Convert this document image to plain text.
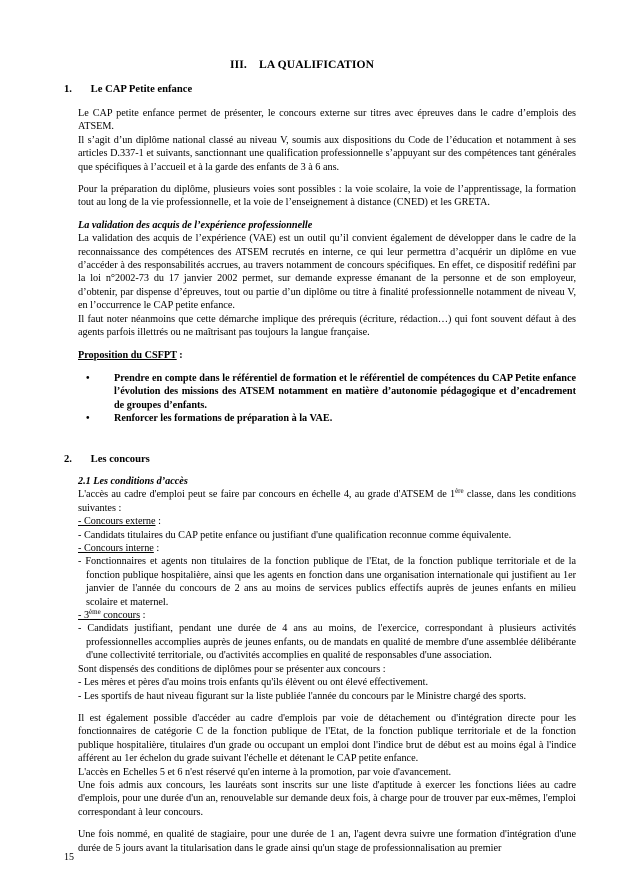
III. LA QUALIFICATION
1. Le CAP Petite enfance

Le CAP petite enfance permet de présenter, le concours externe sur titres avec épreuves dans le cadre d’emplois des ATSEM.

Il s’agit d’un diplôme national classé au niveau V, soumis aux dispositions du Code de l’éducation et notamment à ses articles D.337-1 et suivants, sanctionnant une qualification professionnelle s’appuyant sur des compétences tant générales que spécifiques à l’accueil et à la garde des enfants de 3 à 6 ans.

Pour la préparation du diplôme, plusieurs voies sont possibles : la voie scolaire, la voie de l’apprentissage, la formation tout au long de la vie professionnelle, et la voie de l’enseignement à distance (CNED) et les GRETA.

La validation des acquis de l’expérience professionnelle

La validation des acquis de l’expérience (VAE) est un outil qu’il convient également de développer dans le cadre de la reconnaissance des compétences des ATSEM recrutés en interne, ce qui leur permettra d’acquérir un diplôme en vue d’accéder à des responsabilités accrues, au travers notamment de concours spécifiques. En effet, ce dispositif redéfini par la loi n°2002-73 du 17 janvier 2002 permet, sur demande expresse émanant de la personne et de son employeur, d’obtenir, par dispense d’épreuves, tout ou partie d’un diplôme ou titre à finalité professionnelle notamment de niveau V, en l’occurrence le CAP petite enfance.

Il faut noter néanmoins que cette démarche implique des prérequis (écriture, rédaction…) qui font souvent défaut à des agents parfois illettrés ou ne maîtrisant pas toujours la langue française.

Proposition du CSFPT :

• Prendre en compte dans le référentiel de formation et le référentiel de compétences du CAP Petite enfance l’évolution des missions des ATSEM notamment en matière d’autonomie pédagogique et d’encadrement de groupes d’enfants.
• Renforcer les formations de préparation à la VAE.
2. Les concours

2.1 Les conditions d’accès

L'accès au cadre d'emploi peut se faire par concours en échelle 4, au grade d'ATSEM de 1ère classe, dans les conditions suivantes :

- Concours externe :

- Candidats titulaires du CAP petite enfance ou justifiant d'une qualification reconnue comme équivalente.

- Concours interne :

- Fonctionnaires et agents non titulaires de la fonction publique de l'Etat, de la fonction publique territoriale et de la fonction publique hospitalière, ainsi que les agents en fonction dans une organisation internationale qui justifient au 1er janvier de l'année du concours de 2 ans au moins de services publics effectifs auprès de jeunes enfants en milieu scolaire et maternel.

- 3ème concours :

- Candidats justifiant, pendant une durée de 4 ans au moins, de l'exercice, correspondant à plusieurs activités professionnelles accomplies auprès de jeunes enfants, ou de mandats en qualité de membre d'une assemblée délibérante d'une collectivité territoriale, ou d'activités accomplies en qualité de responsables d'une association.

Sont dispensés des conditions de diplômes pour se présenter aux concours :

- Les mères et pères d'au moins trois enfants qu'ils élèvent ou ont élevé effectivement.

- Les sportifs de haut niveau figurant sur la liste publiée l'année du concours par le Ministre chargé des sports.

Il est également possible d'accéder au cadre d'emplois par voie de détachement ou d'intégration directe pour les fonctionnaires de catégorie C de la fonction publique de l'Etat, de la fonction publique territoriale et de la fonction publique hospitalière, titulaires d'un grade ou occupant un emploi dont l'indice brut de début est au moins égal à l'indice afférent au 1er échelon du grade suivant l'échelle et détenant le CAP petite enfance.

L'accès en Echelles 5 et 6 n'est réservé qu'en interne à la promotion, par voie d'avancement.

Une fois admis aux concours, les lauréats sont inscrits sur une liste d'aptitude à exercer les fonctions liées au cadre d'emplois, pour une durée d'un an, renouvelable sur demande deux fois, à charge pour de trouver par eux-mêmes, l'emploi correspondant à leur concours.

Une fois nommé, en qualité de stagiaire, pour une durée de 1 an, l'agent devra suivre une formation d'intégration d'une durée de 5 jours avant la titularisation dans le grade ainsi qu'un stage de professionnalisation au premier

15
